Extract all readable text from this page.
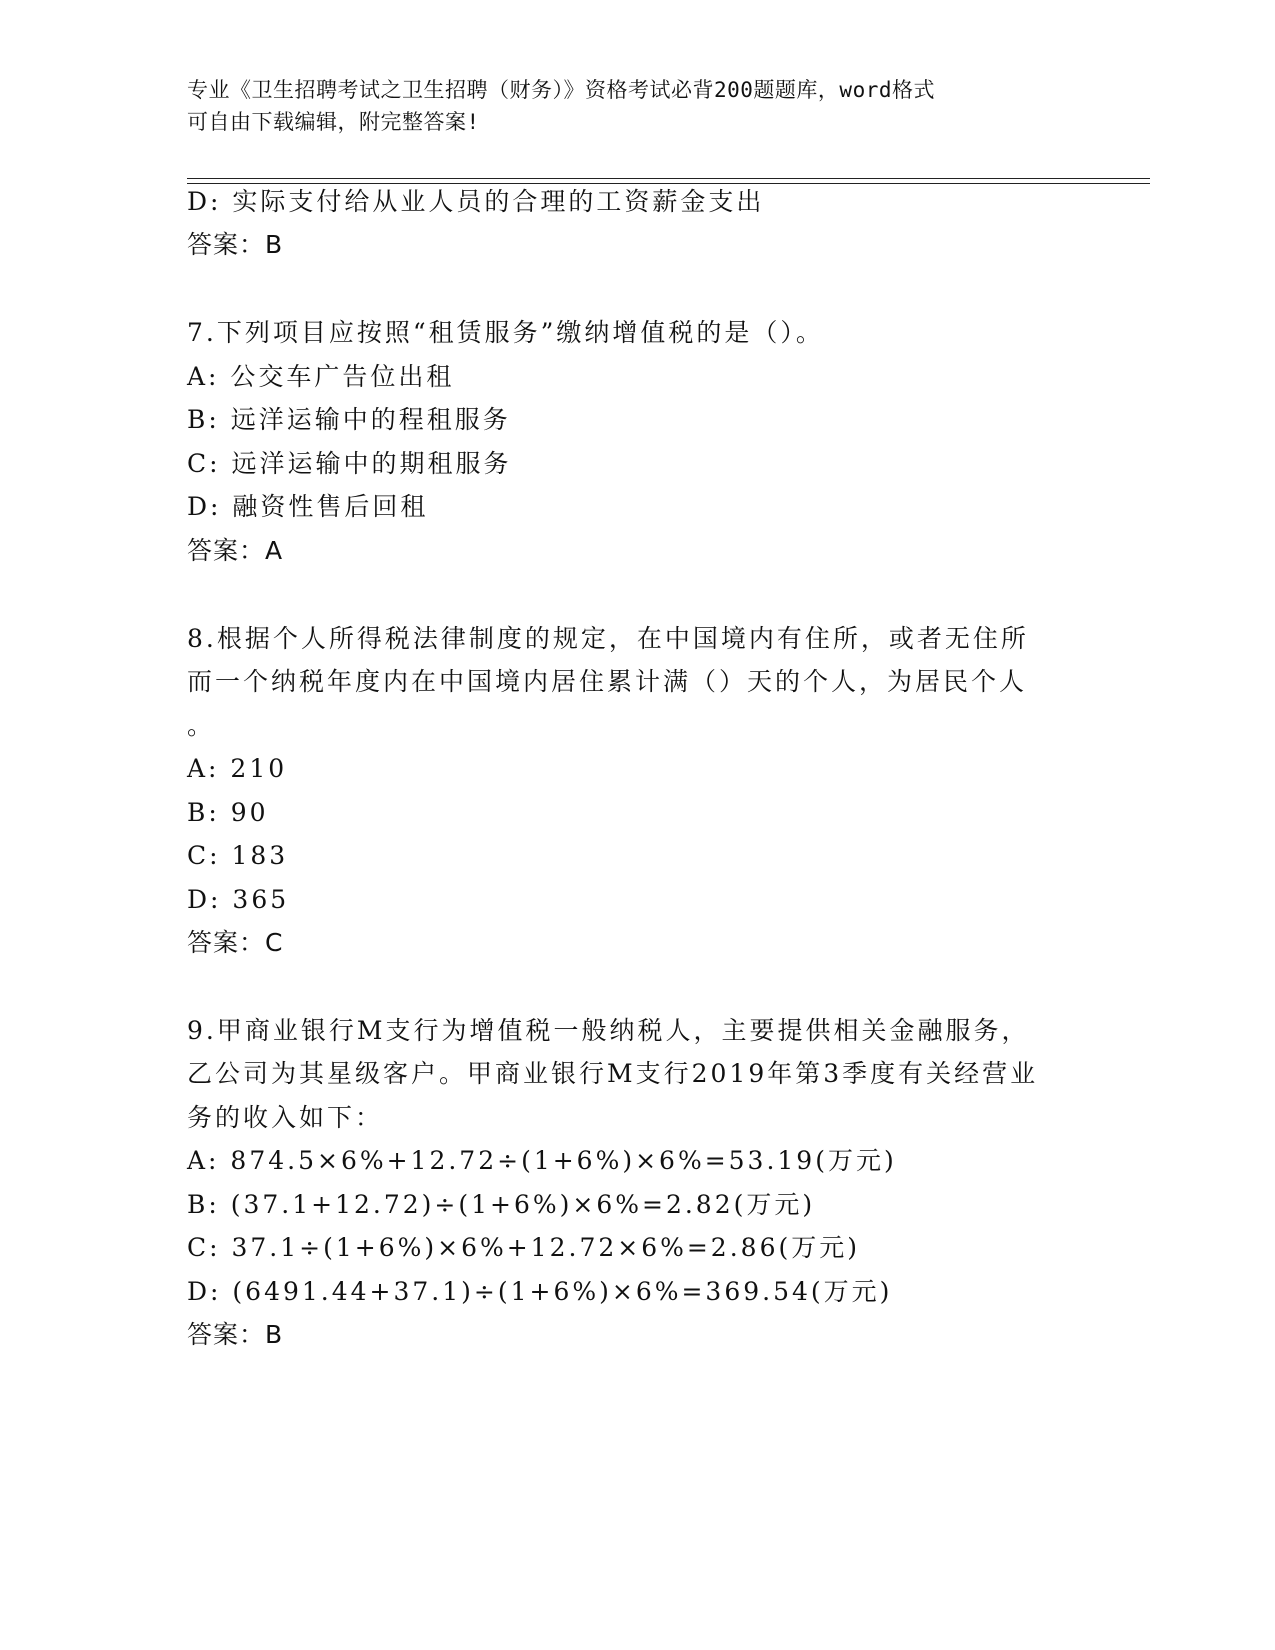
专业《卫生招聘考试之卫生招聘（财务）》资格考试必背200题题库，word格式
可自由下载编辑，附完整答案!
D: 实际支付给从业人员的合理的工资薪金支出
答案：B
7.下列项目应按照“租赁服务”缴纳增值税的是（）。
A: 公交车广告位出租
B: 远洋运输中的程租服务
C: 远洋运输中的期租服务
D: 融资性售后回租
答案：A
8.根据个人所得税法律制度的规定，在中国境内有住所，或者无住所
而一个纳税年度内在中国境内居住累计满（）天的个人，为居民个人
。
A: 210
B: 90
C: 183
D: 365
答案：C
9.甲商业银行M支行为增值税一般纳税人，主要提供相关金融服务，
乙公司为其星级客户。甲商业银行M支行2019年第3季度有关经营业
务的收入如下：
A: 874.5×6%+12.72÷(1+6%)×6%=53.19(万元)
B: (37.1+12.72)÷(1+6%)×6%=2.82(万元)
C: 37.1÷(1+6%)×6%+12.72×6%=2.86(万元)
D: (6491.44+37.1)÷(1+6%)×6%=369.54(万元)
答案：B
